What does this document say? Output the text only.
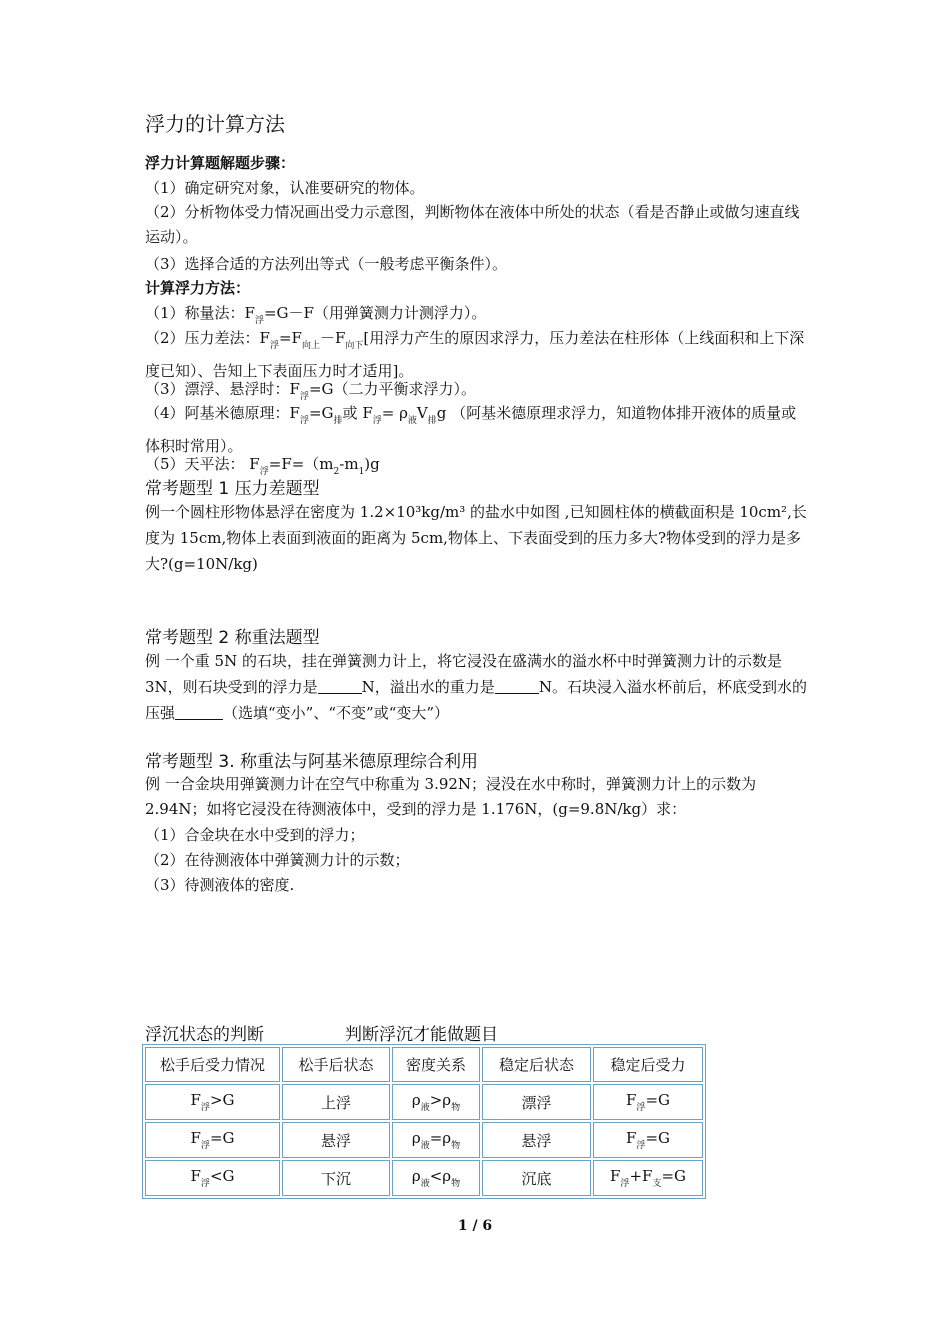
浮力的计算方法
浮力计算题解题步骤：
（1）确定研究对象，认准要研究的物体。
（2）分析物体受力情况画出受力示意图，判断物体在液体中所处的状态（看是否静止或做匀速直线运动）。
（3）选择合适的方法列出等式（一般考虑平衡条件）。
计算浮力方法：
（1）称量法：$F_浮=G-F$（用弹簧测力计测浮力）。
（2）压力差法：$F_浮=F_{向上}-F_{向下}$[用浮力产生的原因求浮力，压力差法在柱形体（上线面积和上下深度已知）、告知上下表面压力时才适用]。
（3）漂浮、悬浮时：$F_浮=G$（二力平衡求浮力）。
（4）阿基米德原理：$F_浮=G_排$或 $F_浮= \rho_液V_排g$ （阿基米德原理求浮力，知道物体排开液体的质量或体积时常用）。
（5）天平法： $F_浮=F=(m_2-m_1)g$
常考题型 1 压力差题型
例一个圆柱形物体悬浮在密度为 1.2×10³kg/m³ 的盐水中如图 ,已知圆柱体的横截面积是 10cm²,长度为 15cm,物体上表面到液面的距离为 5cm,物体上、下表面受到的压力多大?物体受到的浮力是多大?(g=10N/kg)
常考题型 2 称重法题型
例 一个重 5N 的石块，挂在弹簧测力计上，将它浸没在盛满水的溢水杯中时弹簧测力计的示数是 3N，则石块受到的浮力是	N，溢出水的重力是	N。石块浸入溢水杯前后，杯底受到水的压强	（选填“变小”、“不变”或“变大”）
常考题型 3. 称重法与阿基米德原理综合利用
例 一合金块用弹簧测力计在空气中称重为 3.92N；浸没在水中称时，弹簧测力计上的示数为 2.94N；如将它浸没在待测液体中，受到的浮力是 1.176N，(g=9.8N/kg）求：
（1）合金块在水中受到的浮力；
（2）在待测液体中弹簧测力计的示数；
（3）待测液体的密度.
浮沉状态的判断	判断浮沉才能做题目
松手后受力情况	松手后状态	密度关系	稳定后状态	稳定后受力
$F_浮>G$	上浮	$\rho_液>\rho_物$	漂浮	$F_浮=G$
$F_浮=G$	悬浮	$\rho_液=\rho_物$	悬浮	$F_浮=G$
$F_浮<G$	下沉	$\rho_液<\rho_物$	沉底	$F_浮+F_支=G$
1 / 6
